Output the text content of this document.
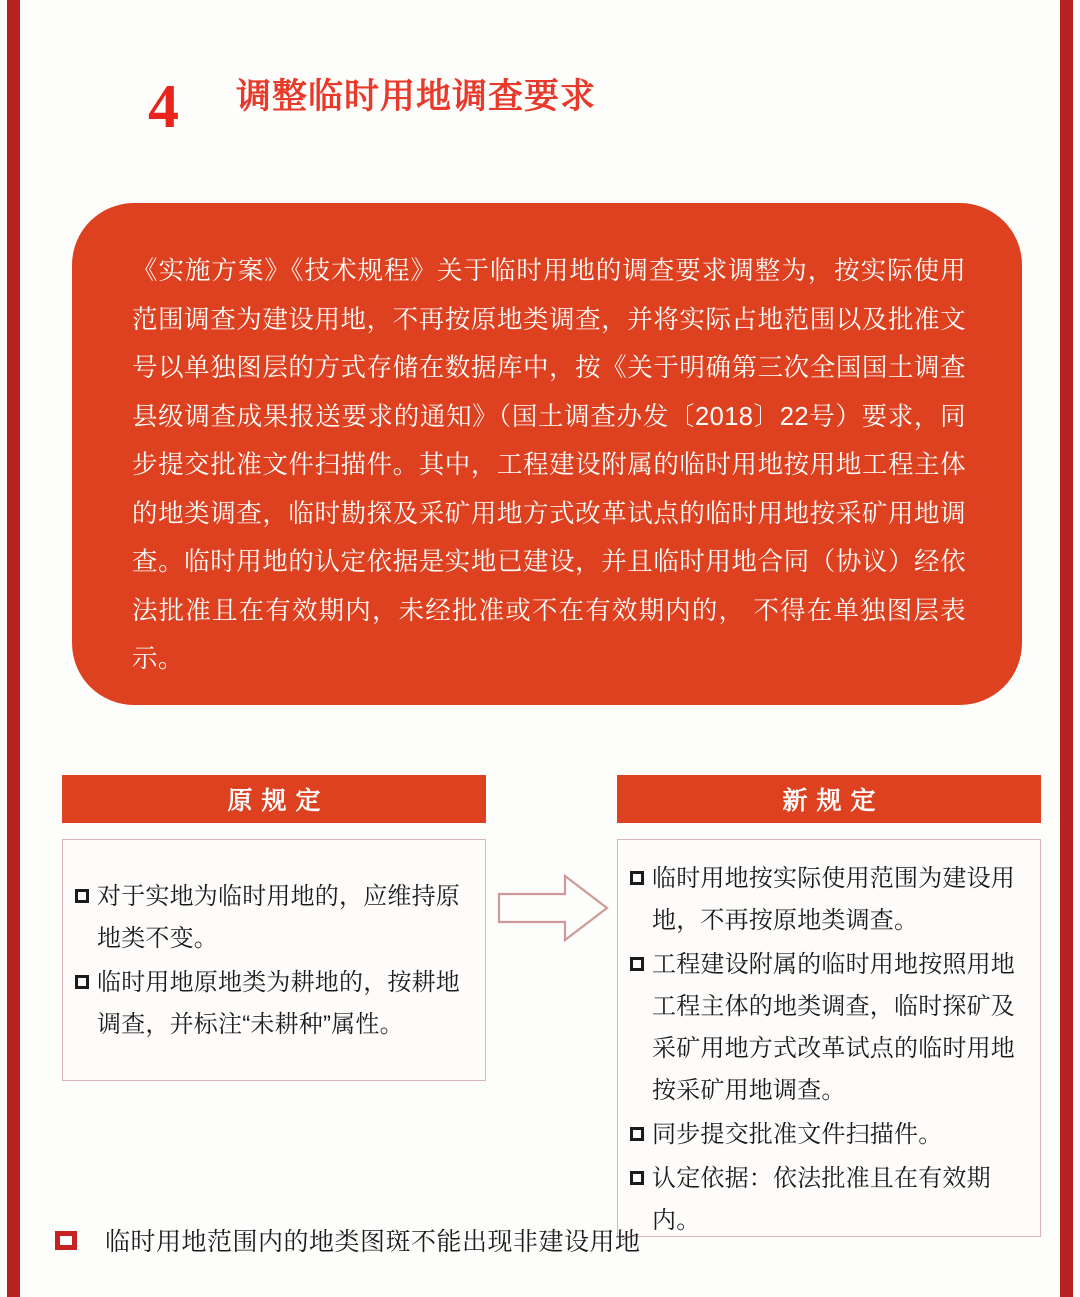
4 调整临时用地调查要求
《实施方案》《技术规程》关于临时用地的调查要求调整为，按实际使用范围调查为建设用地，不再按原地类调查，并将实际占地范围以及批准文号以单独图层的方式存储在数据库中，按《关于明确第三次全国国土调查县级调查成果报送要求的通知》（国土调查办发〔2018〕22号）要求，同步提交批准文件扫描件。其中，工程建设附属的临时用地按用地工程主体的地类调查，临时勘探及采矿用地方式改革试点的临时用地按采矿用地调查。临时用地的认定依据是实地已建设，并且临时用地合同（协议）经依法批准且在有效期内，未经批准或不在有效期内的， 不得在单独图层表示。
原规定
对于实地为临时用地的，应维持原地类不变。
临时用地原地类为耕地的，按耕地调查，并标注“未耕种”属性。
新规定
临时用地按实际使用范围为建设用地，不再按原地类调查。
工程建设附属的临时用地按照用地工程主体的地类调查，临时探矿及采矿用地方式改革试点的临时用地按采矿用地调查。
同步提交批准文件扫描件。
认定依据：依法批准且在有效期内。
临时用地范围内的地类图斑不能出现非建设用地
